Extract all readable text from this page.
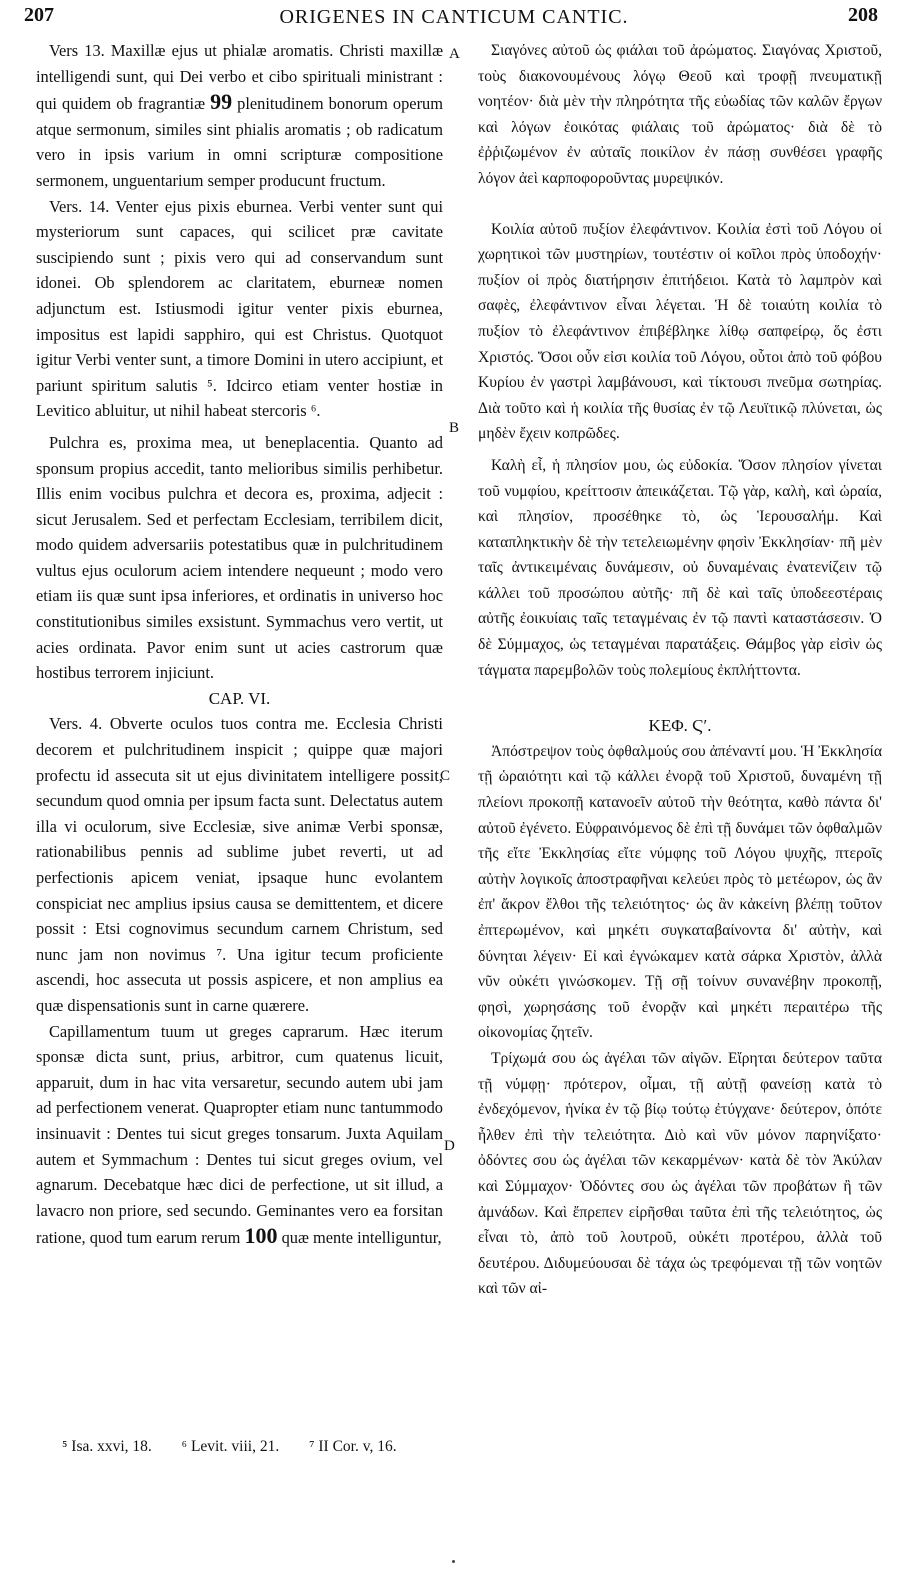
207	ORIGENES IN CANTICUM CANTIC.	208

Vers 13. Maxillæ ejus ut phialæ aromatis. Christi maxillæ intelligendi sunt, qui Dei verbo et cibo spirituali ministrant : qui quidem ob fragrantiæ 99 plenitudinem bonorum operum atque sermonum, similes sint phialis aromatis ; ob radicatum vero in ipsis varium in omni scripturæ compositione sermonem, unguentarium semper producunt fructum.

Vers. 14. Venter ejus pixis eburnea. Verbi venter sunt qui mysteriorum sunt capaces, qui scilicet præ cavitate suscipiendo sunt ; pixis vero qui ad conservandum sunt idonei. Ob splendorem ac claritatem, eburneæ nomen adjunctum est. Istiusmodi igitur venter pixis eburnea, impositus est lapidi sapphiro, qui est Christus. Quotquot igitur Verbi venter sunt, a timore Domini in utero accipiunt, et pariunt spiritum salutis ⁵. Idcirco etiam venter hostiæ in Levitico abluitur, ut nihil habeat stercoris ⁶.

Pulchra es, proxima mea, ut beneplacentia. Quanto ad sponsum propius accedit, tanto melioribus similis perhibetur. Illis enim vocibus pulchra et decora es, proxima, adjecit : sicut Jerusalem. Sed et perfectam Ecclesiam, terribilem dicit, modo quidem adversariis potestatibus quæ in pulchritudinem vultus ejus oculorum aciem intendere nequeunt ; modo vero etiam iis quæ sunt ipsa inferiores, et ordinatis in universo hoc constitutionibus similes exsistunt. Symmachus vero vertit, ut acies ordinata. Pavor enim sunt ut acies castrorum quæ hostibus terrorem injiciunt.

CAP. VI.

Vers. 4. Obverte oculos tuos contra me. Ecclesia Christi decorem et pulchritudinem inspicit ; quippe quæ majori profectu id assecuta sit ut ejus divinitatem intelligere possit, secundum quod omnia per ipsum facta sunt. Delectatus autem illa vi oculorum, sive Ecclesiæ, sive animæ Verbi sponsæ, rationabilibus pennis ad sublime jubet reverti, ut ad perfectionis apicem veniat, ipsaque hunc evolantem conspiciat nec amplius ipsius causa se demittentem, et dicere possit : Etsi cognovimus secundum carnem Christum, sed nunc jam non novimus ⁷. Una igitur tecum proficiente ascendi, hoc assecuta ut possis aspicere, et non amplius ea quæ dispensationis sunt in carne quærere.

Capillamentum tuum ut greges caprarum. Hæc iterum sponsæ dicta sunt, prius, arbitror, cum quatenus licuit, apparuit, dum in hac vita versaretur, secundo autem ubi jam ad perfectionem venerat. Quapropter etiam nunc tantummodo insinuavit : Dentes tui sicut greges tonsarum. Juxta Aquilam autem et Symmachum : Dentes tui sicut greges ovium, vel agnarum. Decebatque hæc dici de perfectione, ut sit illud, a lavacro non priore, sed secundo. Geminantes vero ea forsitan ratione, quod tum earum rerum 100 quæ mente intelliguntur,

Σιαγόνες αὐτοῦ ὡς φιάλαι τοῦ ἀρώματος. Σιαγόνας Χριστοῦ, τοὺς διακονουμένους λόγῳ Θεοῦ καὶ τροφῇ πνευματικῇ νοητέον· διὰ μὲν τὴν πληρότητα τῆς εὐωδίας τῶν καλῶν ἔργων καὶ λόγων ἐοικότας φιάλαις τοῦ ἀρώματος· διὰ δὲ τὸ ἐῤῥιζωμένον ἐν αὐταῖς ποικίλον ἐν πάσῃ συνθέσει γραφῆς λόγον ἀεὶ καρποφοροῦντας μυρεψικόν.

Κοιλία αὐτοῦ πυξίον ἐλεφάντινον. Κοιλία ἐστὶ τοῦ Λόγου οἱ χωρητικοὶ τῶν μυστηρίων, τουτέστιν οἱ κοῖλοι πρὸς ὑποδοχήν· πυξίον οἱ πρὸς διατήρησιν ἐπιτήδειοι. Κατὰ τὸ λαμπρὸν καὶ σαφὲς, ἐλεφάντινον εἶναι λέγεται. Ἡ δὲ τοιαύτη κοιλία τὸ πυξίον τὸ ἐλεφάντινον ἐπιβέβληκε λίθῳ σαπφείρῳ, ὅς ἐστι Χριστός. Ὅσοι οὖν εἰσι κοιλία τοῦ Λόγου, οὗτοι ἀπὸ τοῦ φόβου Κυρίου ἐν γαστρὶ λαμβάνουσι, καὶ τίκτουσι πνεῦμα σωτηρίας. Διὰ τοῦτο καὶ ἡ κοιλία τῆς θυσίας ἐν τῷ Λευϊτικῷ πλύνεται, ὡς μηδὲν ἔχειν κοπρῶδες.

Καλὴ εἶ, ἡ πλησίον μου, ὡς εὐδοκία. Ὅσον πλησίον γίνεται τοῦ νυμφίου, κρείττοσιν ἀπεικάζεται. Τῷ γὰρ, καλὴ, καὶ ὡραία, καὶ πλησίον, προσέθηκε τὸ, ὡς Ἱερουσαλήμ. Καὶ καταπληκτικὴν δὲ τὴν τετελειωμένην φησὶν Ἐκκλησίαν· πῆ μὲν ταῖς ἀντικειμέναις δυνάμεσιν, οὐ δυναμέναις ἐνατενίζειν τῷ κάλλει τοῦ προσώπου αὐτῆς· πῆ δὲ καὶ ταῖς ὑποδεεστέραις αὐτῆς ἐοικυίαις ταῖς τεταγμέναις ἐν τῷ παντὶ καταστάσεσιν. Ὁ δὲ Σύμμαχος, ὡς τεταγμέναι παρατάξεις. Θάμβος γὰρ εἰσὶν ὡς τάγματα παρεμβολῶν τοὺς πολεμίους ἐκπλήττοντα.

ΚΕΦ. Ϛʹ.

Ἀπόστρεψον τοὺς ὀφθαλμούς σου ἀπέναντί μου. Ἡ Ἐκκλησία τῇ ὡραιότητι καὶ τῷ κάλλει ἐνορᾷ τοῦ Χριστοῦ, δυναμένη τῇ πλείονι προκοπῇ κατανοεῖν αὐτοῦ τὴν θεότητα, καθὸ πάντα δι' αὐτοῦ ἐγένετο. Εὐφραινόμενος δὲ ἐπὶ τῇ δυνάμει τῶν ὀφθαλμῶν τῆς εἴτε Ἐκκλησίας εἴτε νύμφης τοῦ Λόγου ψυχῆς, πτεροῖς αὐτὴν λογικοῖς ἀποστραφῆναι κελεύει πρὸς τὸ μετέωρον, ὡς ἂν ἐπ' ἄκρον ἔλθοι τῆς τελειότητος· ὡς ἂν κἀκείνη βλέπῃ τοῦτον ἐπτερωμένον, καὶ μηκέτι συγκαταβαίνοντα δι' αὐτὴν, καὶ δύνηται λέγειν· Εἰ καὶ ἐγνώκαμεν κατὰ σάρκα Χριστὸν, ἀλλὰ νῦν οὐκέτι γινώσκομεν. Τῇ σῇ τοίνυν συνανέβην προκοπῇ, φησὶ, χωρησάσης τοῦ ἐνορᾷν καὶ μηκέτι περαιτέρω τῆς οἰκονομίας ζητεῖν.

Τρίχωμά σου ὡς ἀγέλαι τῶν αἰγῶν. Εἴρηται δεύτερον ταῦτα τῇ νύμφῃ· πρότερον, οἶμαι, τῇ αὐτῇ φανείσῃ κατὰ τὸ ἐνδεχόμενον, ἡνίκα ἐν τῷ βίῳ τούτῳ ἐτύγχανε· δεύτερον, ὁπότε ἦλθεν ἐπὶ τὴν τελειότητα. Διὸ καὶ νῦν μόνον παρηνίξατο· ὀδόντες σου ὡς ἀγέλαι τῶν κεκαρμένων· κατὰ δὲ τὸν Ἀκύλαν καὶ Σύμμαχον· Ὀδόντες σου ὡς ἀγέλαι τῶν προβάτων ἢ τῶν ἀμνάδων. Καὶ ἔπρεπεν εἰρῆσθαι ταῦτα ἐπὶ τῆς τελειότητος, ὡς εἶναι τὸ, ἀπὸ τοῦ λουτροῦ, οὐκέτι προτέρου, ἀλλὰ τοῦ δευτέρου. Διδυμεύουσαι δὲ τάχα ὡς τρεφόμεναι τῇ τῶν νοητῶν καὶ τῶν αἰ-

A
B
C
D
⁵ Isa. xxvi, 18. ⁶ Levit. viii, 21. ⁷ II Cor. v, 16.
